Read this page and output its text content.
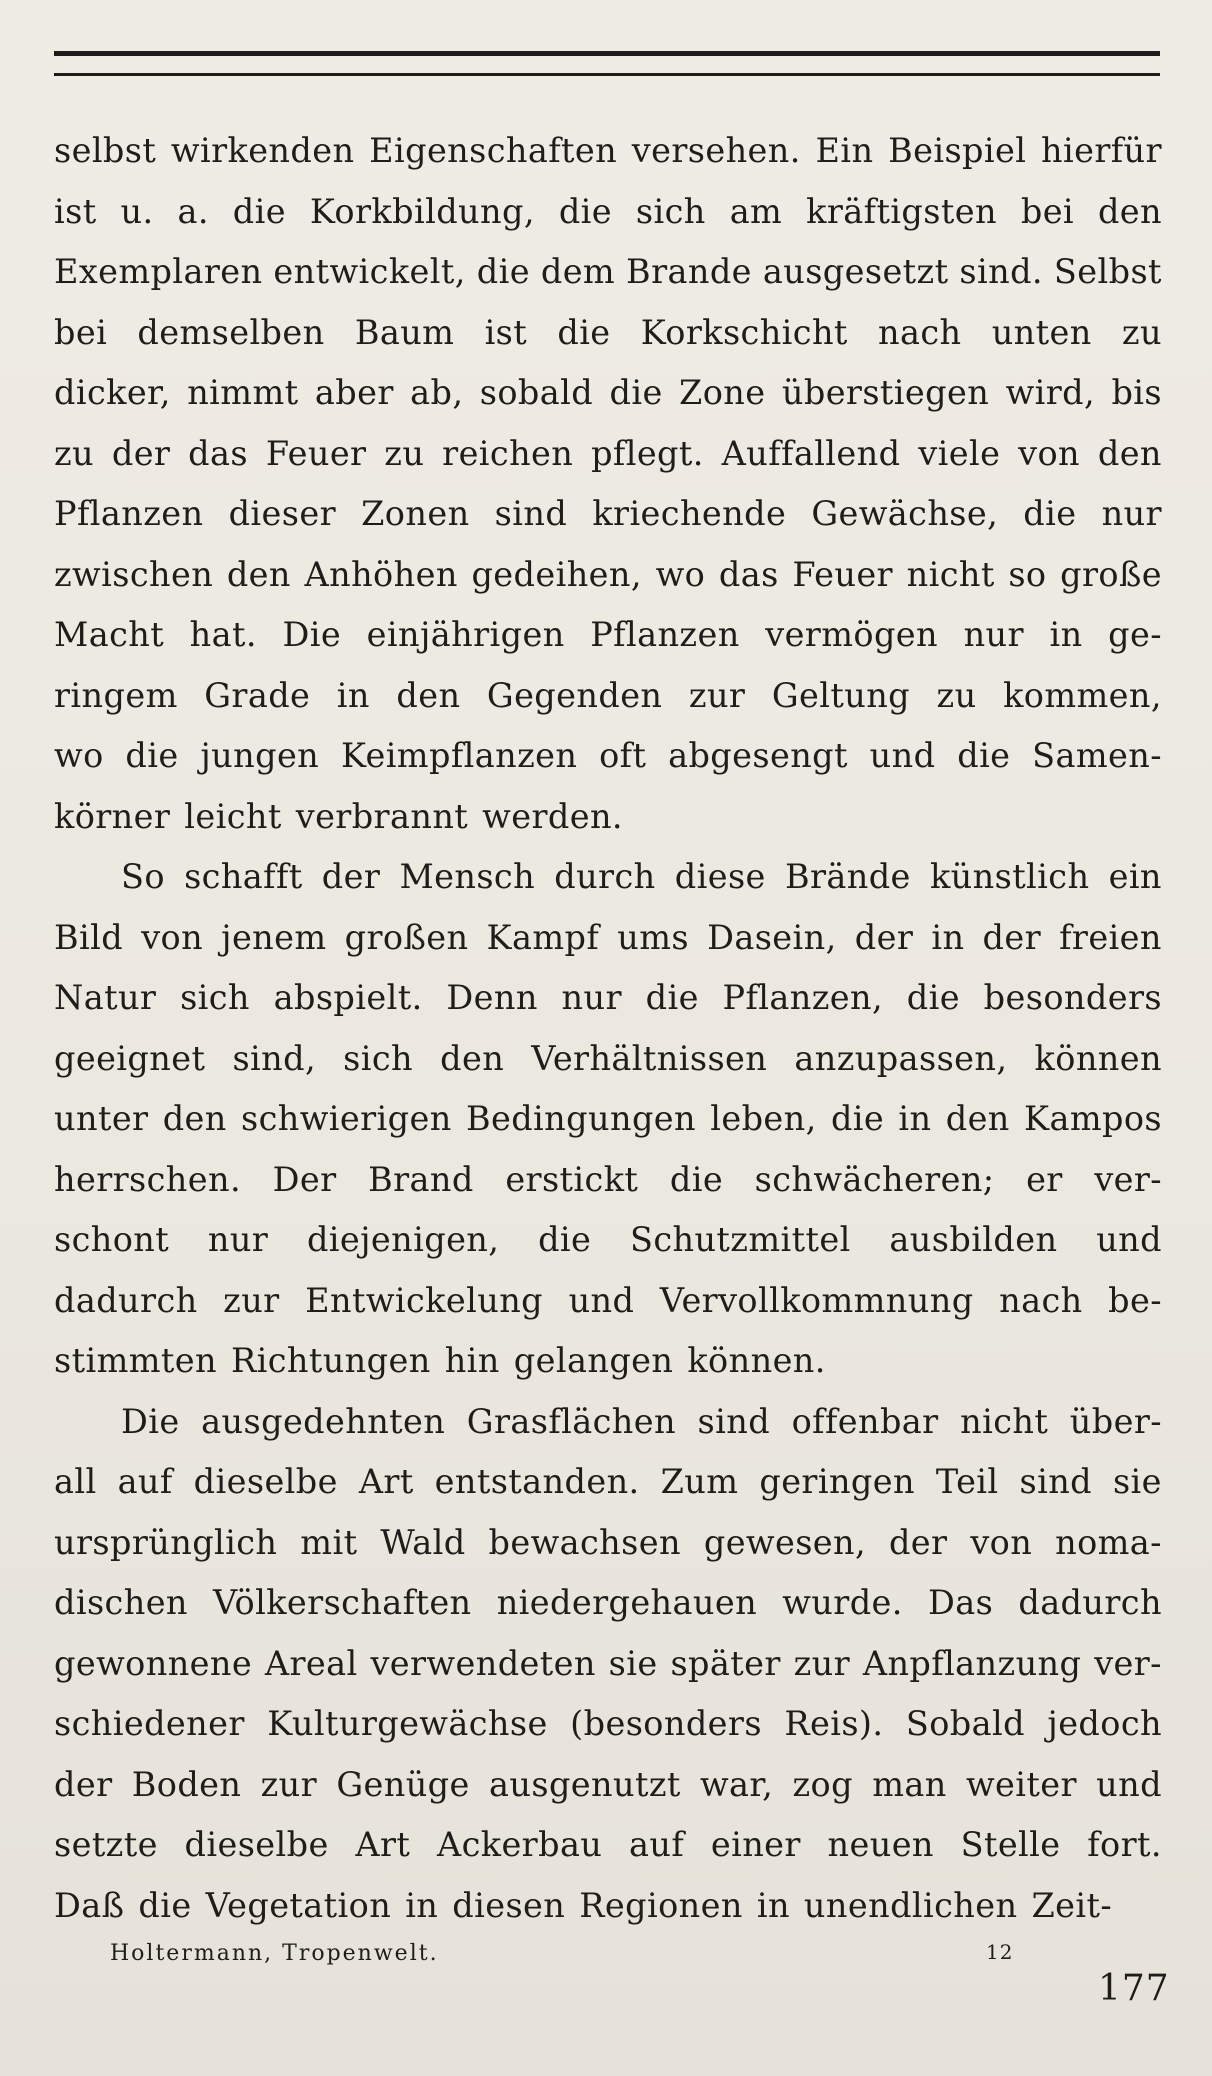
selbst wirkenden Eigenschaften versehen. Ein Beispiel hierfür
ist u. a. die Korkbildung, die sich am kräftigsten bei den
Exemplaren entwickelt, die dem Brande ausgesetzt sind. Selbst
bei demselben Baum ist die Korkschicht nach unten zu
dicker, nimmt aber ab, sobald die Zone überstiegen wird, bis
zu der das Feuer zu reichen pflegt. Auffallend viele von den
Pflanzen dieser Zonen sind kriechende Gewächse, die nur
zwischen den Anhöhen gedeihen, wo das Feuer nicht so große
Macht hat. Die einjährigen Pflanzen vermögen nur in ge-
ringem Grade in den Gegenden zur Geltung zu kommen,
wo die jungen Keimpflanzen oft abgesengt und die Samen-
körner leicht verbrannt werden.
So schafft der Mensch durch diese Brände künstlich ein
Bild von jenem großen Kampf ums Dasein, der in der freien
Natur sich abspielt. Denn nur die Pflanzen, die besonders
geeignet sind, sich den Verhältnissen anzupassen, können
unter den schwierigen Bedingungen leben, die in den Kampos
herrschen. Der Brand erstickt die schwächeren; er ver-
schont nur diejenigen, die Schutzmittel ausbilden und
dadurch zur Entwickelung und Vervollkommnung nach be-
stimmten Richtungen hin gelangen können.
Die ausgedehnten Grasflächen sind offenbar nicht über-
all auf dieselbe Art entstanden. Zum geringen Teil sind sie
ursprünglich mit Wald bewachsen gewesen, der von noma-
dischen Völkerschaften niedergehauen wurde. Das dadurch
gewonnene Areal verwendeten sie später zur Anpflanzung ver-
schiedener Kulturgewächse (besonders Reis). Sobald jedoch
der Boden zur Genüge ausgenutzt war, zog man weiter und
setzte dieselbe Art Ackerbau auf einer neuen Stelle fort.
Daß die Vegetation in diesen Regionen in unendlichen Zeit-
Holtermann, Tropenwelt.	12
177
